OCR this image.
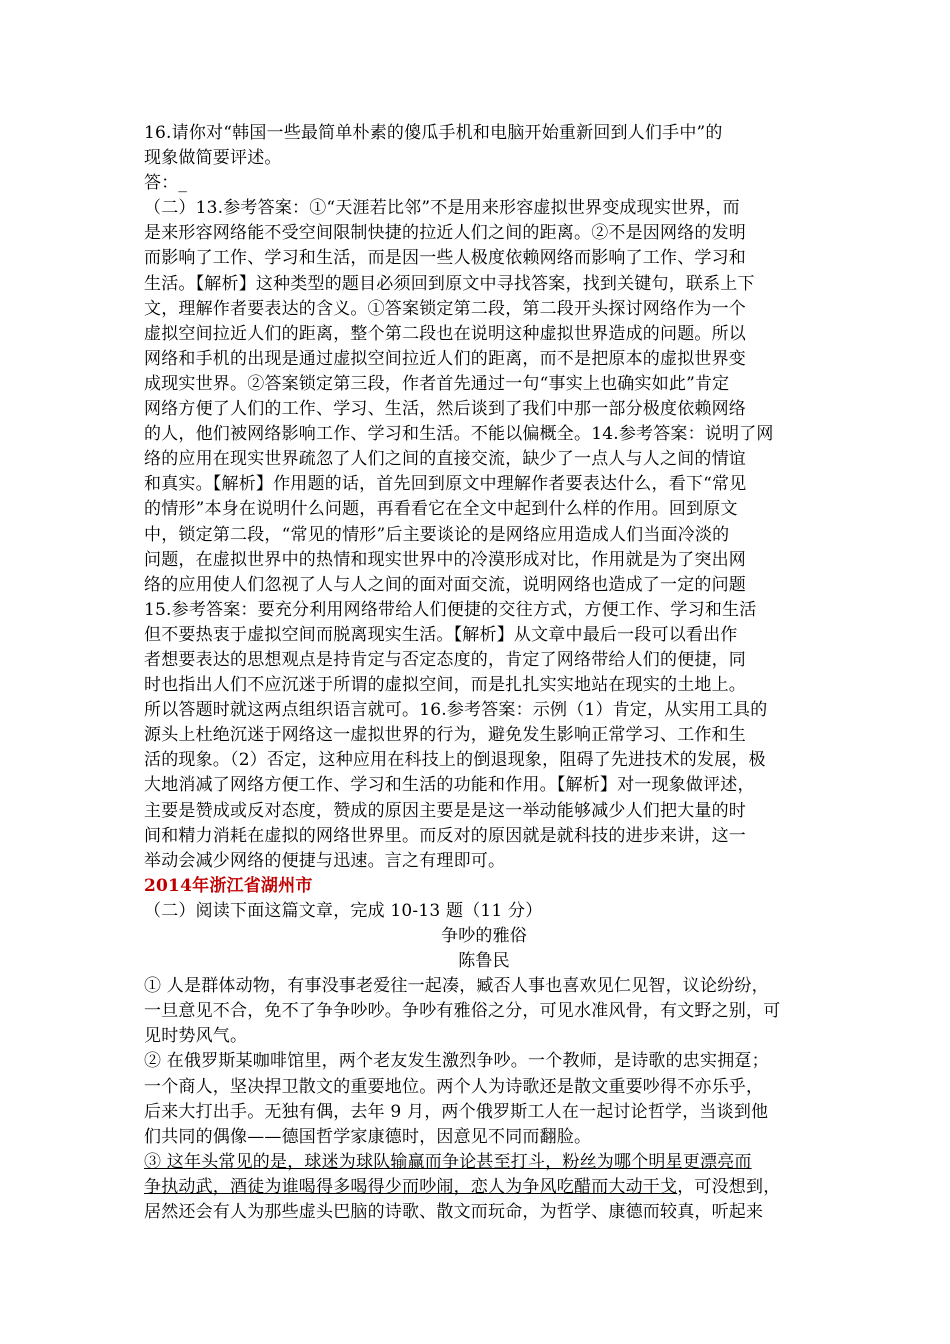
16.请你对“韩国一些最简单朴素的傻瓜手机和电脑开始重新回到人们手中”的
现象做简要评述。
答：_
（二）13.参考答案：①“天涯若比邻”不是用来形容虚拟世界变成现实世界，而
是来形容网络能不受空间限制快捷的拉近人们之间的距离。②不是因网络的发明
而影响了工作、学习和生活，而是因一些人极度依赖网络而影响了工作、学习和
生活。【解析】这种类型的题目必须回到原文中寻找答案，找到关键句，联系上下
文，理解作者要表达的含义。①答案锁定第二段，第二段开头探讨网络作为一个
虚拟空间拉近人们的距离，整个第二段也在说明这种虚拟世界造成的问题。所以
网络和手机的出现是通过虚拟空间拉近人们的距离，而不是把原本的虚拟世界变
成现实世界。②答案锁定第三段，作者首先通过一句“事实上也确实如此”肯定
网络方便了人们的工作、学习、生活，然后谈到了我们中那一部分极度依赖网络
的人，他们被网络影响工作、学习和生活。不能以偏概全。14.参考答案：说明了网
络的应用在现实世界疏忽了人们之间的直接交流，缺少了一点人与人之间的情谊
和真实。【解析】作用题的话，首先回到原文中理解作者要表达什么，看下“常见
的情形”本身在说明什么问题，再看看它在全文中起到什么样的作用。回到原文
中，锁定第二段，“常见的情形”后主要谈论的是网络应用造成人们当面冷淡的
问题，在虚拟世界中的热情和现实世界中的冷漠形成对比，作用就是为了突出网
络的应用使人们忽视了人与人之间的面对面交流，说明网络也造成了一定的问题
15.参考答案：要充分利用网络带给人们便捷的交往方式，方便工作、学习和生活
但不要热衷于虚拟空间而脱离现实生活。【解析】从文章中最后一段可以看出作
者想要表达的思想观点是持肯定与否定态度的，肯定了网络带给人们的便捷，同
时也指出人们不应沉迷于所谓的虚拟空间，而是扎扎实实地站在现实的土地上。
所以答题时就这两点组织语言就可。16.参考答案：示例（1）肯定，从实用工具的
源头上杜绝沉迷于网络这一虚拟世界的行为，避免发生影响正常学习、工作和生
活的现象。（2）否定，这种应用在科技上的倒退现象，阻碍了先进技术的发展，极
大地消减了网络方便工作、学习和生活的功能和作用。【解析】对一现象做评述，
主要是赞成或反对态度，赞成的原因主要是是这一举动能够减少人们把大量的时
间和精力消耗在虚拟的网络世界里。而反对的原因就是就科技的进步来讲，这一
举动会减少网络的便捷与迅速。言之有理即可。
2014年浙江省湖州市
（二）阅读下面这篇文章，完成 10-13 题（11 分）
争吵的雅俗
陈鲁民
① 人是群体动物，有事没事老爱往一起凑，臧否人事也喜欢见仁见智，议论纷纷，
一旦意见不合，免不了争争吵吵。争吵有雅俗之分，可见水准风骨，有文野之别，可
见时势风气。
② 在俄罗斯某咖啡馆里，两个老友发生激烈争吵。一个教师，是诗歌的忠实拥趸；
一个商人，坚决捍卫散文的重要地位。两个人为诗歌还是散文重要吵得不亦乐乎，
后来大打出手。无独有偶，去年 9 月，两个俄罗斯工人在一起讨论哲学，当谈到他
们共同的偶像——德国哲学家康德时，因意见不同而翻脸。
③ 这年头常见的是，球迷为球队输赢而争论甚至打斗，粉丝为哪个明星更漂亮而
争执动武，酒徒为谁喝得多喝得少而吵闹，恋人为争风吃醋而大动干戈，可没想到，
居然还会有人为那些虚头巴脑的诗歌、散文而玩命，为哲学、康德而较真，听起来
